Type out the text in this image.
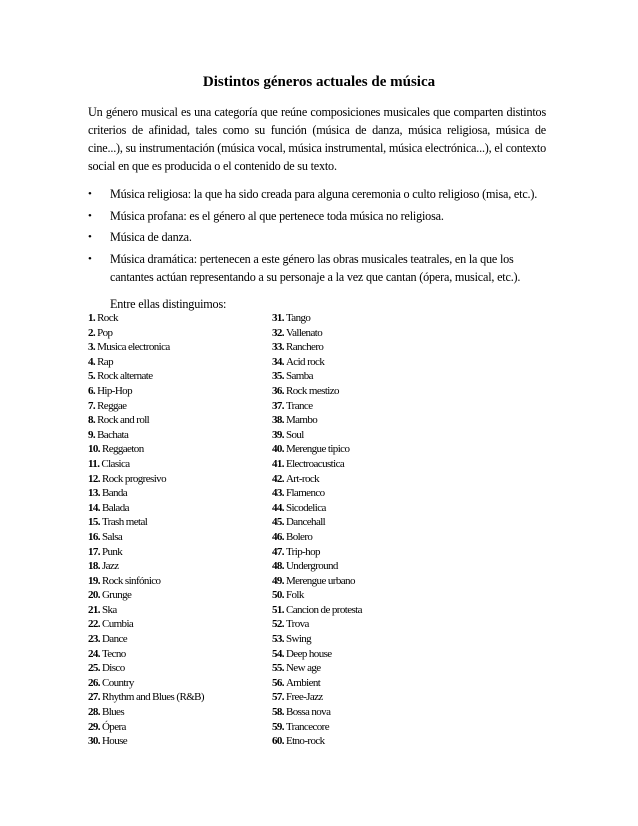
Distintos géneros actuales de música

Un género musical es una categoría que reúne composiciones musicales que comparten distintos criterios de afinidad, tales como su función (música de danza, música religiosa, música de cine...), su instrumentación (música vocal, música instrumental, música electrónica...), el contexto social en que es producida o el contenido de su texto.

• Música religiosa: la que ha sido creada para alguna ceremonia o culto religioso (misa, etc.).
• Música profana: es el género al que pertenece toda música no religiosa.
• Música de danza.
• Música dramática: pertenecen a este género las obras musicales teatrales, en la que los cantantes actúan representando a su personaje a la vez que cantan (ópera, musical, etc.).
Entre ellas distinguimos:
1. Rock
2. Pop
3. Musica electronica
4. Rap
5. Rock alternate
6. Hip-Hop
7. Reggae
8. Rock and roll
9. Bachata
10. Reggaeton
11. Clasica
12. Rock progresivo
13. Banda
14. Balada
15. Trash metal
16. Salsa
17. Punk
18. Jazz
19. Rock sinfónico
20. Grunge
21. Ska
22. Cumbia
23. Dance
24. Tecno
25. Disco
26. Country
27. Rhythm and Blues (R&B)
28. Blues
29. Ópera
30. House
31. Tango
32. Vallenato
33. Ranchero
34. Acid rock
35. Samba
36. Rock mestizo
37. Trance
38. Mambo
39. Soul
40. Merengue tipico
41. Electroacustica
42. Art-rock
43. Flamenco
44. Sicodelica
45. Dancehall
46. Bolero
47. Trip-hop
48. Underground
49. Merengue urbano
50. Folk
51. Cancion de protesta
52. Trova
53. Swing
54. Deep house
55. New age
56. Ambient
57. Free-Jazz
58. Bossa nova
59. Trancecore
60. Etno-rock
